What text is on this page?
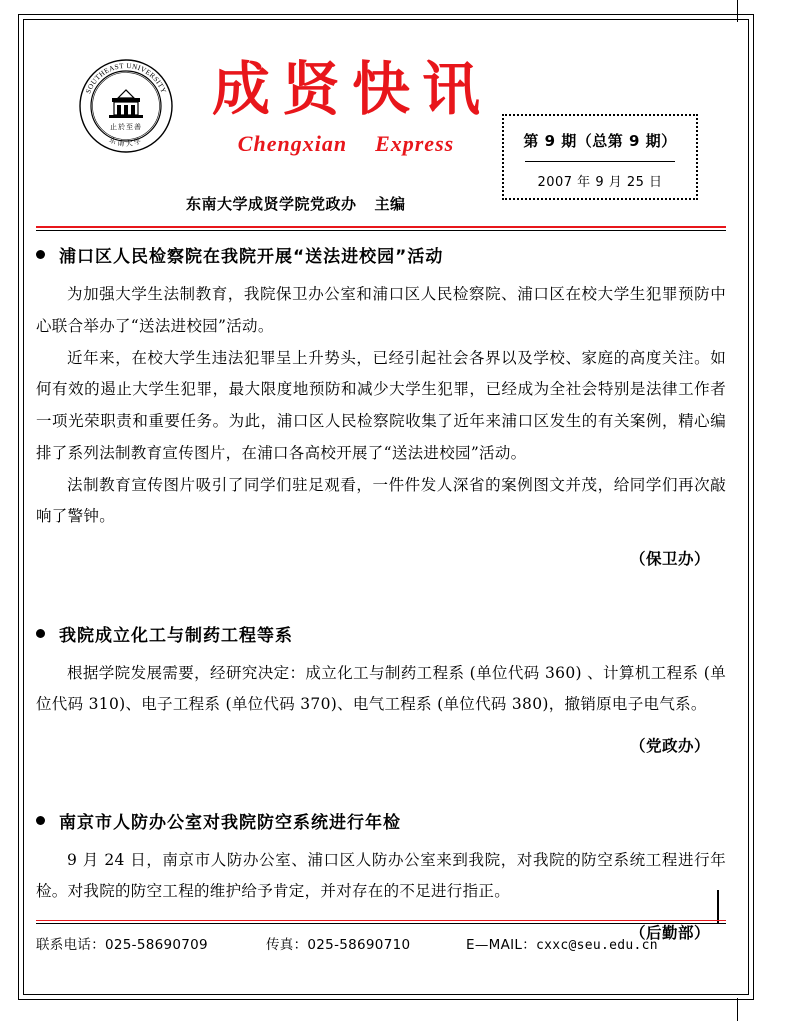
SOUTHEAST UNIVERSITY
东南大学
止於至善
成贤快讯
Chengxian Express	第 9 期（总第 9 期）
2007 年 9 月 25 日
东南大学成贤学院党政办 主编
浦口区人民检察院在我院开展“送法进校园”活动

为加强大学生法制教育，我院保卫办公室和浦口区人民检察院、浦口区在校大学生犯罪预防中心联合举办了“送法进校园”活动。

近年来，在校大学生违法犯罪呈上升势头，已经引起社会各界以及学校、家庭的高度关注。如何有效的遏止大学生犯罪，最大限度地预防和减少大学生犯罪，已经成为全社会特别是法律工作者一项光荣职责和重要任务。为此，浦口区人民检察院收集了近年来浦口区发生的有关案例，精心编排了系列法制教育宣传图片，在浦口各高校开展了“送法进校园”活动。

法制教育宣传图片吸引了同学们驻足观看，一件件发人深省的案例图文并茂，给同学们再次敲响了警钟。

（保卫办）
我院成立化工与制药工程等系

根据学院发展需要，经研究决定：成立化工与制药工程系 (单位代码 360) 、计算机工程系 (单位代码 310)、电子工程系 (单位代码 370)、电气工程系 (单位代码 380)，撤销原电子电气系。

（党政办）
南京市人防办公室对我院防空系统进行年检

9 月 24 日，南京市人防办公室、浦口区人防办公室来到我院，对我院的防空系统工程进行年检。对我院的防空工程的维护给予肯定，并对存在的不足进行指正。

（后勤部）
联系电话：025-58690709	传真：025-58690710	E—MAIL：cxxc@seu.edu.cn
